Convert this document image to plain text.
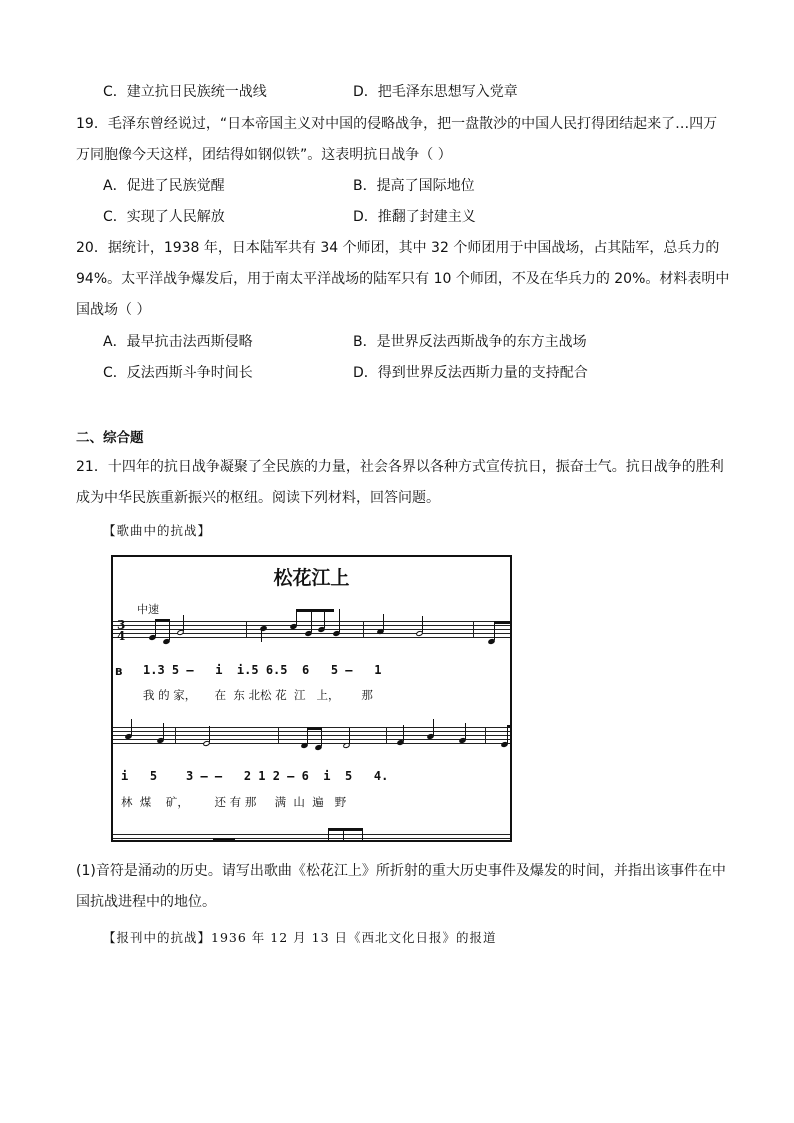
C．建立抗日民族统一战线	D．把毛泽东思想写入党章
19．毛泽东曾经说过，“日本帝国主义对中国的侵略战争，把一盘散沙的中国人民打得团结起来了…四万
万同胞像今天这样，团结得如钢似铁”。这表明抗日战争（ ）
A．促进了民族觉醒	B．提高了国际地位
C．实现了人民解放	D．推翻了封建主义
20．据统计，1938 年，日本陆军共有 34 个师团，其中 32 个师团用于中国战场，占其陆军，总兵力的
94%。太平洋战争爆发后，用于南太平洋战场的陆军只有 10 个师团，不及在华兵力的 20%。材料表明中
国战场（ ）
A．最早抗击法西斯侵略	B．是世界反法西斯战争的东方主战场
C．反法西斯斗争时间长	D．得到世界反法西斯力量的支持配合
二、综合题
21．十四年的抗日战争凝聚了全民族的力量，社会各界以各种方式宣传抗日，振奋士气。抗日战争的胜利
成为中华民族重新振兴的枢纽。阅读下列材料，回答问题。
【歌曲中的抗战】
松花江上
中速
3
4
B 1.3 5 —   i  i.5 6.5  6   5 —   1
我 的 家，     在  东 北松 花  江   上，      那
i   5    3 — —   2 1 2 — 6  i  5   4.
林  煤    矿，       还 有 那     满  山  遍   野
(1)音符是涌动的历史。请写出歌曲《松花江上》所折射的重大历史事件及爆发的时间，并指出该事件在中
国抗战进程中的地位。
【报刊中的抗战】1936 年 12 月 13 日《西北文化日报》的报道
